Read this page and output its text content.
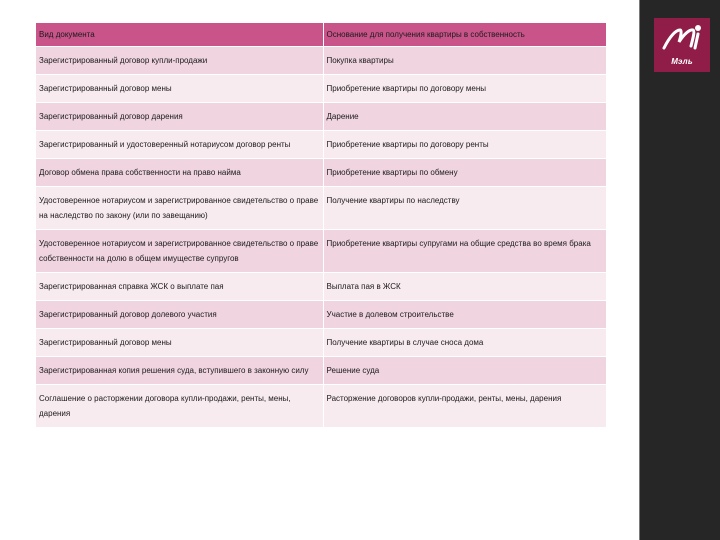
Вид документа	Основание для получения квартиры в собственность
Зарегистрированный договор купли-продажи	Покупка квартиры
Зарегистрированный договор мены	Приобретение квартиры по договору мены
Зарегистрированный договор дарения	Дарение
Зарегистрированный и удостоверенный нотариусом договор ренты	Приобретение квартиры по договору ренты
Договор обмена права собственности на право найма	Приобретение квартиры по обмену
Удостоверенное нотариусом и зарегистрированное свидетельство о праве на наследство по закону (или по завещанию)	Получение квартиры по наследству
Удостоверенное нотариусом и зарегистрированное свидетельство о праве собственности на долю в общем имуществе супругов	Приобретение квартиры супругами на общие средства во время брака
Зарегистрированная справка ЖСК о выплате пая	Выплата пая в ЖСК
Зарегистрированный договор долевого участия	Участие в долевом строительстве
Зарегистрированный договор мены	Получение квартиры в случае сноса дома
Зарегистрированная копия решения суда, вступившего в законную силу	Решение суда
Соглашение о расторжении договора купли-продажи, ренты, мены, дарения	Расторжение договоров купли-продажи, ренты, мены, дарения
Мэль
